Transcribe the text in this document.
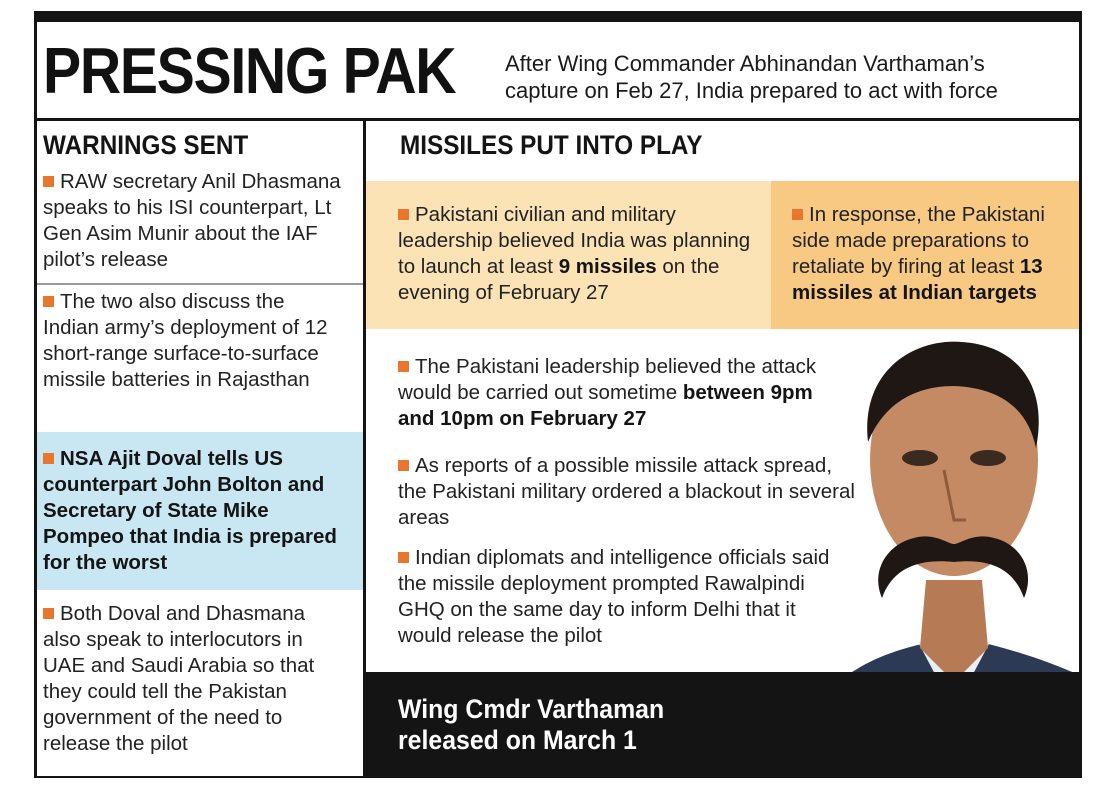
PRESSING PAK After Wing Commander Abhinandan Varthaman’s
capture on Feb 27, India prepared to act with force
WARNINGS SENT
RAW secretary Anil Dhasmana speaks to his ISI counterpart, Lt Gen Asim Munir about the IAF pilot’s release
The two also discuss the Indian army’s deployment of 12 short-range surface-to-surface missile batteries in Rajasthan
NSA Ajit Doval tells US counterpart John Bolton and Secretary of State Mike Pompeo that India is prepared for the worst
Both Doval and Dhasmana also speak to interlocutors in UAE and Saudi Arabia so that they could tell the Pakistan government of the need to release the pilot
MISSILES PUT INTO PLAY
Pakistani civilian and military leadership believed India was planning to launch at least 9 missiles on the evening of February 27
In response, the Pakistani side made preparations to retaliate by firing at least 13 missiles at Indian targets
The Pakistani leadership believed the attack would be carried out sometime between 9pm and 10pm on February 27
As reports of a possible missile attack spread, the Pakistani military ordered a blackout in several areas
Indian diplomats and intelligence officials said the missile deployment prompted Rawalpindi GHQ on the same day to inform Delhi that it would release the pilot
Wing Cmdr Varthaman
released on March 1
